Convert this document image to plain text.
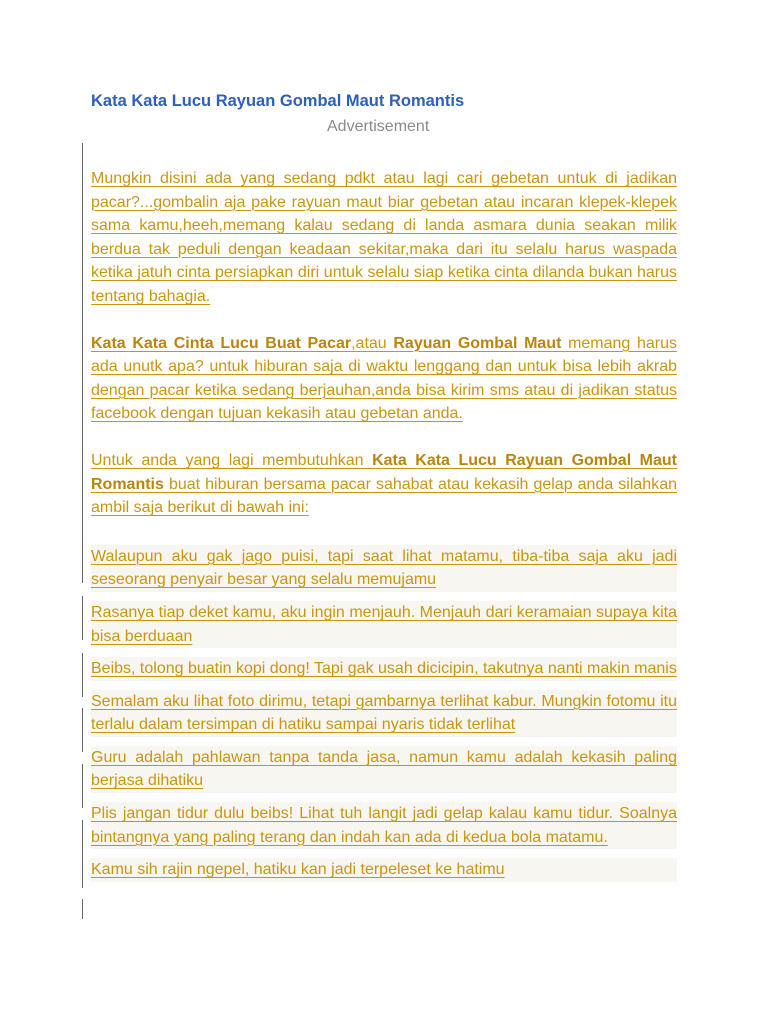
Kata Kata Lucu Rayuan Gombal Maut Romantis
Advertisement

Mungkin disini ada yang sedang pdkt atau lagi cari gebetan untuk di jadikan pacar?...gombalin aja pake rayuan maut biar gebetan atau incaran klepek-klepek sama kamu,heeh,memang kalau sedang di landa asmara dunia seakan milik berdua tak peduli dengan keadaan sekitar,maka dari itu selalu harus waspada ketika jatuh cinta persiapkan diri untuk selalu siap ketika cinta dilanda bukan harus tentang bahagia.

Kata Kata Cinta Lucu Buat Pacar,atau Rayuan Gombal Maut memang harus ada unutk apa? untuk hiburan saja di waktu lenggang dan untuk bisa lebih akrab dengan pacar ketika sedang berjauhan,anda bisa kirim sms atau di jadikan status facebook dengan tujuan kekasih atau gebetan anda.

Untuk anda yang lagi membutuhkan Kata Kata Lucu Rayuan Gombal Maut Romantis buat hiburan bersama pacar sahabat atau kekasih gelap anda silahkan ambil saja berikut di bawah ini:

Walaupun aku gak jago puisi, tapi saat lihat matamu, tiba-tiba saja aku jadi seseorang penyair besar yang selalu memujamu

Rasanya tiap deket kamu, aku ingin menjauh. Menjauh dari keramaian supaya kita bisa berduaan

Beibs, tolong buatin kopi dong! Tapi gak usah dicicipin, takutnya nanti makin manis

Semalam aku lihat foto dirimu, tetapi gambarnya terlihat kabur. Mungkin fotomu itu terlalu dalam tersimpan di hatiku sampai nyaris tidak terlihat

Guru adalah pahlawan tanpa tanda jasa, namun kamu adalah kekasih paling berjasa dihatiku

Plis jangan tidur dulu beibs! Lihat tuh langit jadi gelap kalau kamu tidur. Soalnya bintangnya yang paling terang dan indah kan ada di kedua bola matamu.

Kamu sih rajin ngepel, hatiku kan jadi terpeleset ke hatimu
